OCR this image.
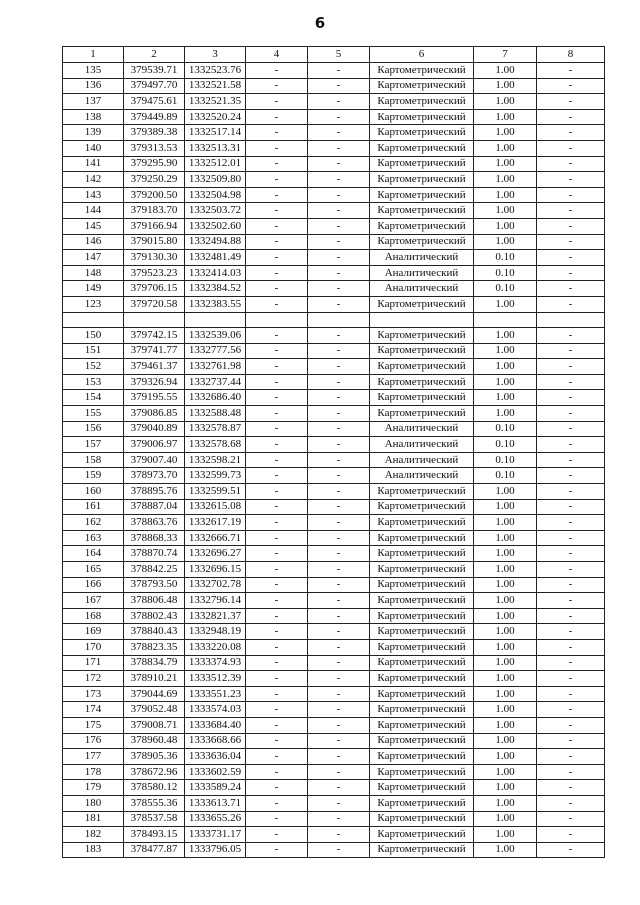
6
1	2	3	4	5	6	7	8
135	379539.71	1332523.76	-	-	Картометрический	1.00	-
136	379497.70	1332521.58	-	-	Картометрический	1.00	-
137	379475.61	1332521.35	-	-	Картометрический	1.00	-
138	379449.89	1332520.24	-	-	Картометрический	1.00	-
139	379389.38	1332517.14	-	-	Картометрический	1.00	-
140	379313.53	1332513.31	-	-	Картометрический	1.00	-
141	379295.90	1332512.01	-	-	Картометрический	1.00	-
142	379250.29	1332509.80	-	-	Картометрический	1.00	-
143	379200.50	1332504.98	-	-	Картометрический	1.00	-
144	379183.70	1332503.72	-	-	Картометрический	1.00	-
145	379166.94	1332502.60	-	-	Картометрический	1.00	-
146	379015.80	1332494.88	-	-	Картометрический	1.00	-
147	379130.30	1332481.49	-	-	Аналитический	0.10	-
148	379523.23	1332414.03	-	-	Аналитический	0.10	-
149	379706.15	1332384.52	-	-	Аналитический	0.10	-
123	379720.58	1332383.55	-	-	Картометрический	1.00	-

150	379742.15	1332539.06	-	-	Картометрический	1.00	-
151	379741.77	1332777.56	-	-	Картометрический	1.00	-
152	379461.37	1332761.98	-	-	Картометрический	1.00	-
153	379326.94	1332737.44	-	-	Картометрический	1.00	-
154	379195.55	1332686.40	-	-	Картометрический	1.00	-
155	379086.85	1332588.48	-	-	Картометрический	1.00	-
156	379040.89	1332578.87	-	-	Аналитический	0.10	-
157	379006.97	1332578.68	-	-	Аналитический	0.10	-
158	379007.40	1332598.21	-	-	Аналитический	0.10	-
159	378973.70	1332599.73	-	-	Аналитический	0.10	-
160	378895.76	1332599.51	-	-	Картометрический	1.00	-
161	378887.04	1332615.08	-	-	Картометрический	1.00	-
162	378863.76	1332617.19	-	-	Картометрический	1.00	-
163	378868.33	1332666.71	-	-	Картометрический	1.00	-
164	378870.74	1332696.27	-	-	Картометрический	1.00	-
165	378842.25	1332696.15	-	-	Картометрический	1.00	-
166	378793.50	1332702.78	-	-	Картометрический	1.00	-
167	378806.48	1332796.14	-	-	Картометрический	1.00	-
168	378802.43	1332821.37	-	-	Картометрический	1.00	-
169	378840.43	1332948.19	-	-	Картометрический	1.00	-
170	378823.35	1333220.08	-	-	Картометрический	1.00	-
171	378834.79	1333374.93	-	-	Картометрический	1.00	-
172	378910.21	1333512.39	-	-	Картометрический	1.00	-
173	379044.69	1333551.23	-	-	Картометрический	1.00	-
174	379052.48	1333574.03	-	-	Картометрический	1.00	-
175	379008.71	1333684.40	-	-	Картометрический	1.00	-
176	378960.48	1333668.66	-	-	Картометрический	1.00	-
177	378905.36	1333636.04	-	-	Картометрический	1.00	-
178	378672.96	1333602.59	-	-	Картометрический	1.00	-
179	378580.12	1333589.24	-	-	Картометрический	1.00	-
180	378555.36	1333613.71	-	-	Картометрический	1.00	-
181	378537.58	1333655.26	-	-	Картометрический	1.00	-
182	378493.15	1333731.17	-	-	Картометрический	1.00	-
183	378477.87	1333796.05	-	-	Картометрический	1.00	-
